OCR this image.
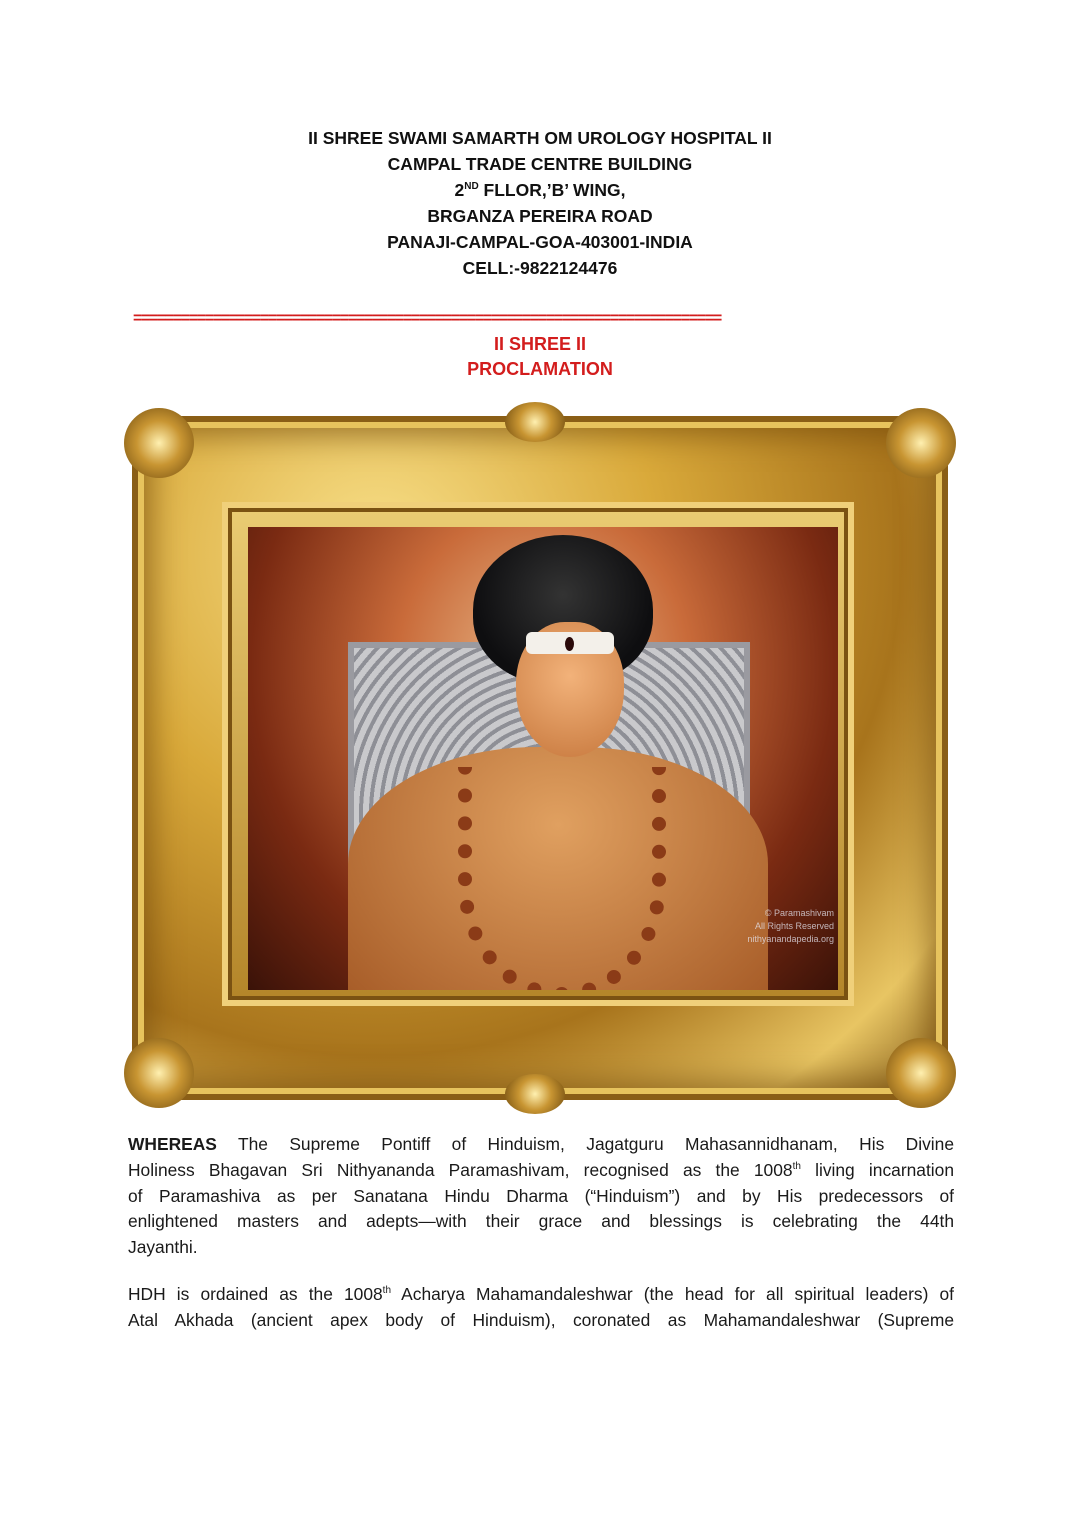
II SHREE SWAMI SAMARTH OM UROLOGY HOSPITAL II
CAMPAL TRADE CENTRE BUILDING
2ND FLLOR,’B’ WING,
BRGANZA PEREIRA ROAD
PANAJI-CAMPAL-GOA-403001-INDIA
CELL:-9822124476
==========================================================================
II SHREE II
PROCLAMATION
© Paramashivam
All Rights Reserved
nithyanandapedia.org
WHEREAS The Supreme Pontiff of Hinduism, Jagatguru Mahasannidhanam, His Divine
Holiness Bhagavan Sri Nithyananda Paramashivam, recognised as the 1008th living incarnation
of Paramashiva as per Sanatana Hindu Dharma (“Hinduism”) and by His predecessors of
enlightened masters and adepts—with their grace and blessings is celebrating the 44th
Jayanthi.
HDH is ordained as the 1008th Acharya Mahamandaleshwar (the head for all spiritual leaders) of
Atal Akhada (ancient apex body of Hinduism), coronated as Mahamandaleshwar (Supreme
